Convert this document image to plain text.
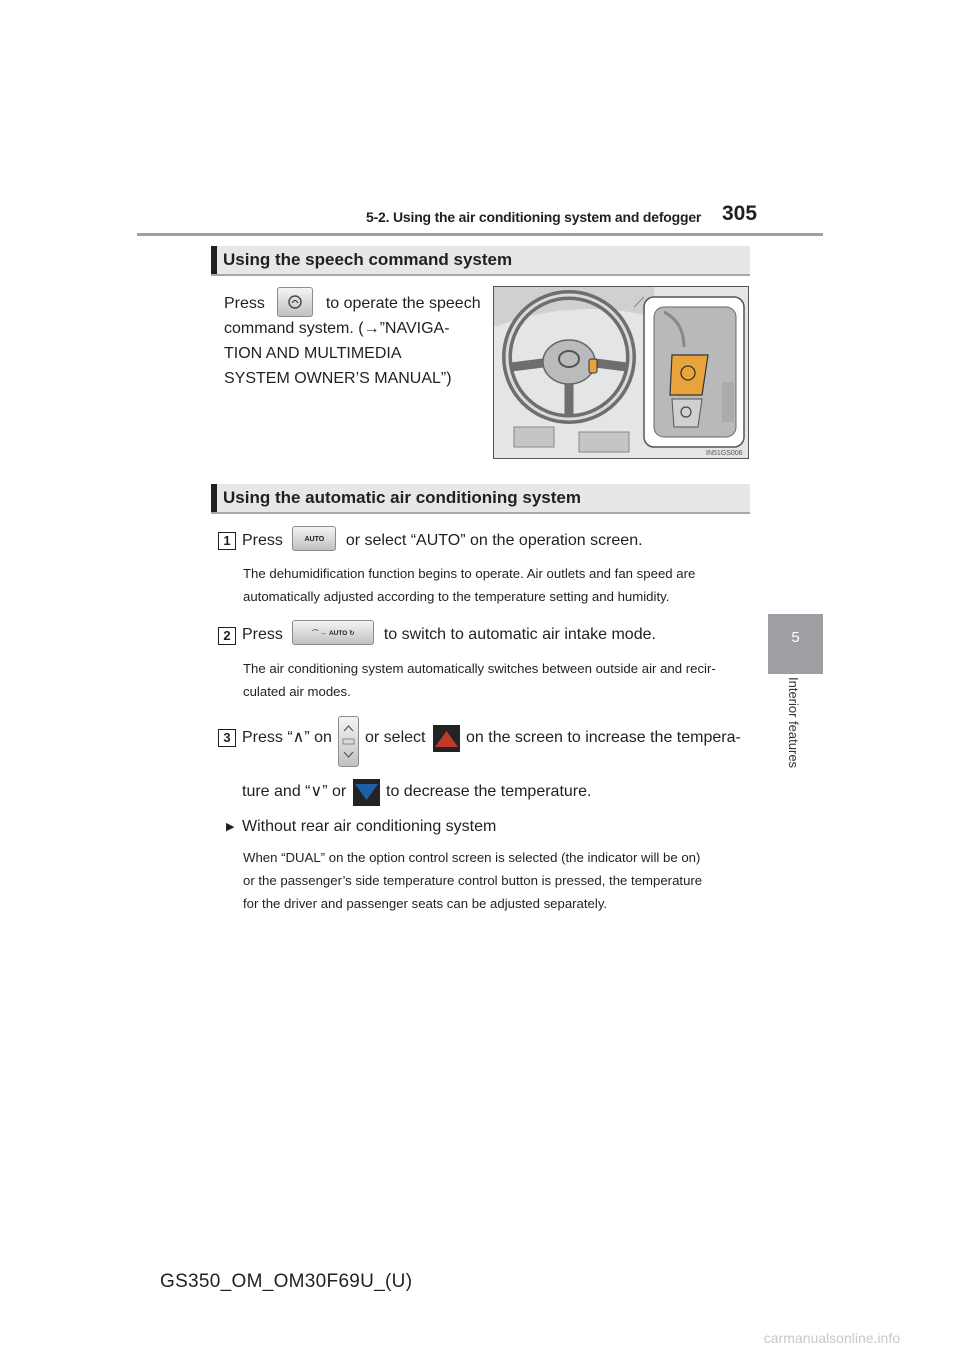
5-2. Using the air conditioning system and defogger 305
5
Interior features
Using the speech command system
Press	to operate the speech
command system. (→”NAVIGA-
TION AND MULTIMEDIA
SYSTEM OWNER’S MANUAL”)
IN51GS006
Using the automatic air conditioning system
1 Press	AUTO or select “AUTO” on the operation screen.
The dehumidification function begins to operate. Air outlets and fan speed are
automatically adjusted according to the temperature setting and humidity.
2 Press	⌒→ AUTO ↻ to switch to automatic air intake mode.
The air conditioning system automatically switches between outside air and recir-
culated air modes.
3 Press “∧” on or select	on the screen to increase the tempera-
ture and “∨” or to decrease the temperature.
▶ Without rear air conditioning system
When “DUAL” on the option control screen is selected (the indicator will be on)
or the passenger’s side temperature control button is pressed, the temperature
for the driver and passenger seats can be adjusted separately.
GS350_OM_OM30F69U_(U)
carmanualsonline.info
